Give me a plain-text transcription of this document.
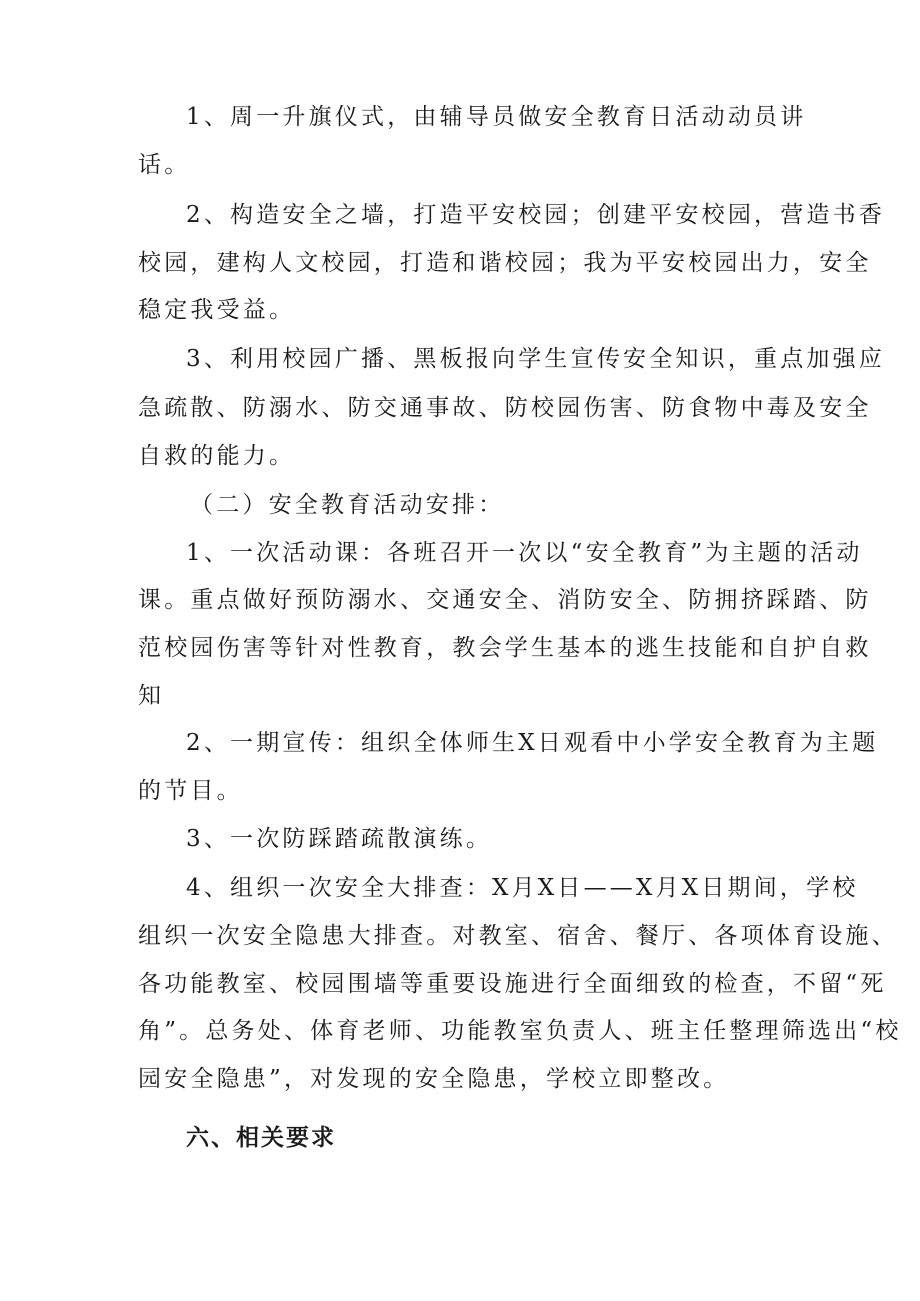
1、周一升旗仪式，由辅导员做安全教育日活动动员讲
话。
2、构造安全之墙，打造平安校园；创建平安校园，营造书香
校园，建构人文校园，打造和谐校园；我为平安校园出力，安全
稳定我受益。
3、利用校园广播、黑板报向学生宣传安全知识，重点加强应
急疏散、防溺水、防交通事故、防校园伤害、防食物中毒及安全
自救的能力。
（二）安全教育活动安排：
1、一次活动课：各班召开一次以“安全教育”为主题的活动
课。重点做好预防溺水、交通安全、消防安全、防拥挤踩踏、防
范校园伤害等针对性教育，教会学生基本的逃生技能和自护自救
知
2、一期宣传：组织全体师生X日观看中小学安全教育为主题
的节目。
3、一次防踩踏疏散演练。
4、组织一次安全大排查：X月X日——X月X日期间，学校
组织一次安全隐患大排查。对教室、宿舍、餐厅、各项体育设施、
各功能教室、校园围墙等重要设施进行全面细致的检查，不留“死
角”。总务处、体育老师、功能教室负责人、班主任整理筛选出“校
园安全隐患”，对发现的安全隐患，学校立即整改。
六、相关要求
